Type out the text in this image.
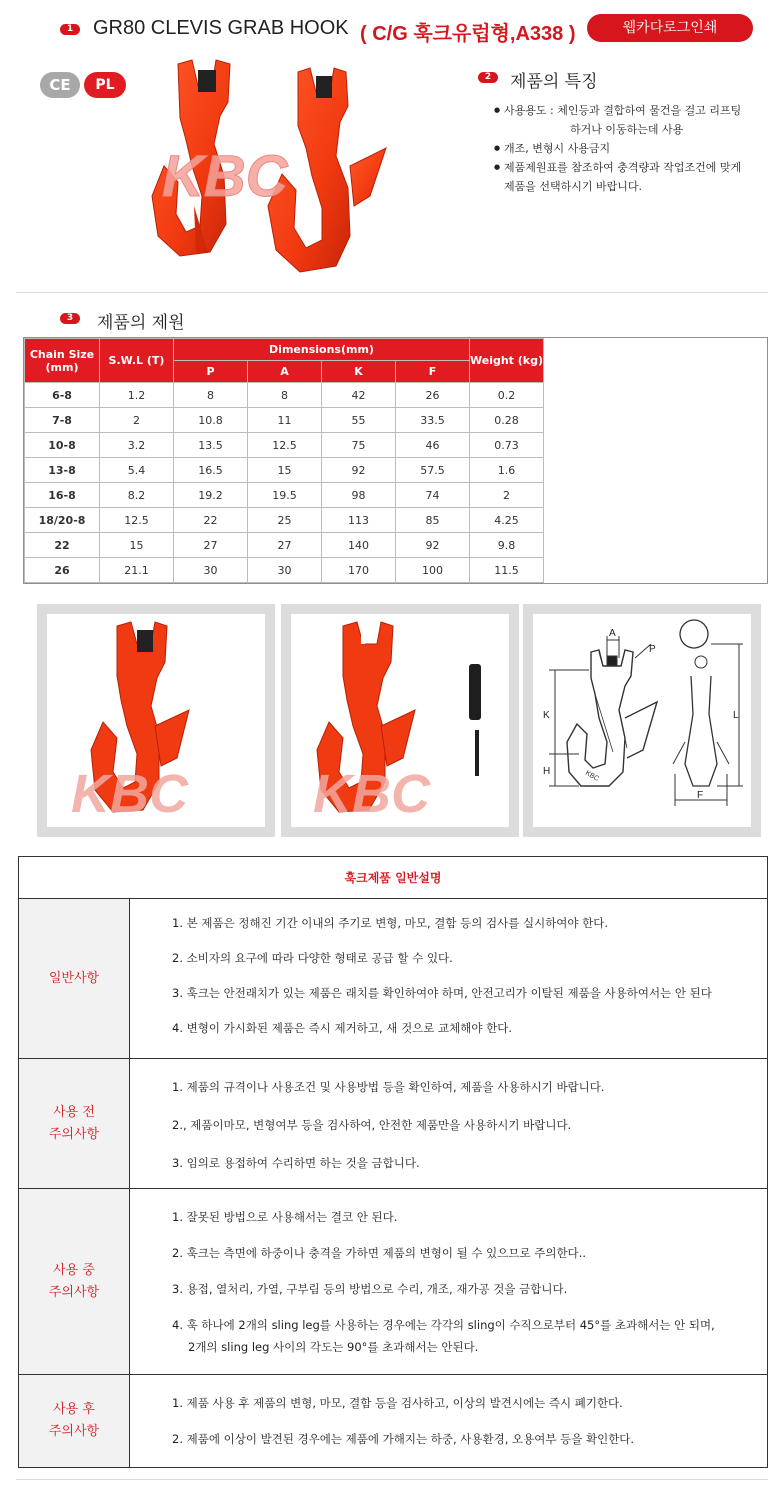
1 GR80 CLEVIS GRAB HOOK ( C/G 훅크유럽형,A338 )	웹카다로그인쇄
CE	PL
KBC
2	제품의 특징
● 사용용도 : 체인등과 결합하여 물건을 걸고 리프팅
하거나 이동하는데 사용
● 개조, 변형시 사용금지
● 제품제원표를 참조하여 충격량과 작업조건에 맞게
제품을 선택하시기 바랍니다.
3	제품의 제원
Chain Size (mm)	S.W.L (T)	Dimensions(mm)				Weight (kg)
		P	A	K	F	
6-8	1.2	8	8	42	26	0.2
7-8	2	10.8	11	55	33.5	0.28
10-8	3.2	13.5	12.5	75	46	0.73
13-8	5.4	16.5	15	92	57.5	1.6
16-8	8.2	19.2	19.5	98	74	2
18/20-8	12.5	22	25	113	85	4.25
22	15	27	27	140	92	9.8
26	21.1	30	30	170	100	11.5
KBC KBC
A
P
K
H	KBC
L
F
훅크제품 일반설명
일반사항

1. 본 제품은 정해진 기간 이내의 주기로 변형, 마모, 결함 등의 검사를 실시하여야 한다.

2. 소비자의 요구에 따라 다양한 형태로 공급 할 수 있다.

3. 훅크는 안전래치가 있는 제품은 래치를 확인하여야 하며, 안전고리가 이탈된 제품을 사용하여서는 안 된다

4. 변형이 가시화된 제품은 즉시 제거하고, 새 것으로 교체해야 한다.

사용 전
주의사항

1. 제품의 규격이나 사용조건 및 사용방법 등을 확인하여, 제품을 사용하시기 바랍니다.

2., 제품이마모, 변형여부 등을 검사하여, 안전한 제품만을 사용하시기 바랍니다.

3. 임의로 용접하여 수리하면 하는 것을 금합니다.

사용 중
주의사항

1. 잘못된 방법으로 사용해서는 결코 안 된다.

2. 훅크는 측면에 하중이나 충격을 가하면 제품의 변형이 될 수 있으므로 주의한다..

3. 용접, 열처리, 가열, 구부림 등의 방법으로 수리, 개조, 재가공 것을 금합니다.

4. 훅 하나에 2개의 sling leg를 사용하는 경우에는 각각의 sling이 수직으로부터 45°를 초과해서는 안 되며,

2개의 sling leg 사이의 각도는 90°를 초과해서는 안된다.

사용 후
주의사항

1. 제품 사용 후 제품의 변형, 마모, 결함 등을 검사하고, 이상의 발견시에는 즉시 폐기한다.

2. 제품에 이상이 발견된 경우에는 제품에 가해지는 하중, 사용환경, 오용여부 등을 확인한다.
